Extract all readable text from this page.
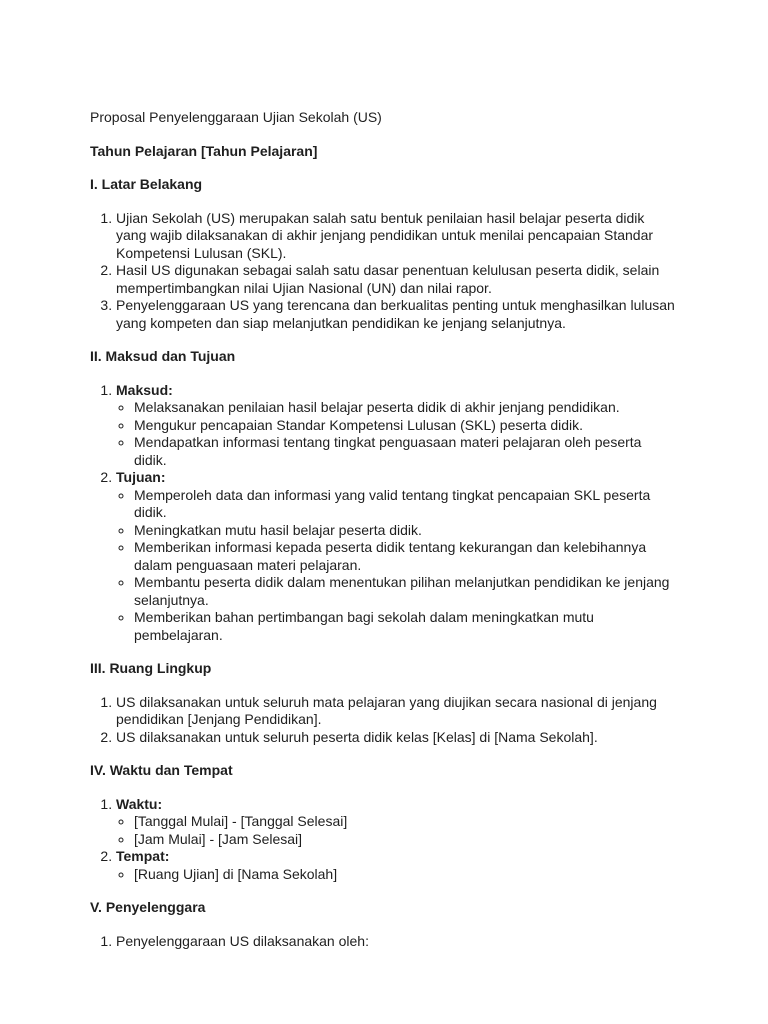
Proposal Penyelenggaraan Ujian Sekolah (US)

Tahun Pelajaran [Tahun Pelajaran]

I. Latar Belakang

1. Ujian Sekolah (US) merupakan salah satu bentuk penilaian hasil belajar peserta didik yang wajib dilaksanakan di akhir jenjang pendidikan untuk menilai pencapaian Standar Kompetensi Lulusan (SKL).
2. Hasil US digunakan sebagai salah satu dasar penentuan kelulusan peserta didik, selain mempertimbangkan nilai Ujian Nasional (UN) dan nilai rapor.
3. Penyelenggaraan US yang terencana dan berkualitas penting untuk menghasilkan lulusan yang kompeten dan siap melanjutkan pendidikan ke jenjang selanjutnya.

II. Maksud dan Tujuan

1. Maksud:
◦ Melaksanakan penilaian hasil belajar peserta didik di akhir jenjang pendidikan.
◦ Mengukur pencapaian Standar Kompetensi Lulusan (SKL) peserta didik.
◦ Mendapatkan informasi tentang tingkat penguasaan materi pelajaran oleh peserta didik.
2. Tujuan:
◦ Memperoleh data dan informasi yang valid tentang tingkat pencapaian SKL peserta didik.
◦ Meningkatkan mutu hasil belajar peserta didik.
◦ Memberikan informasi kepada peserta didik tentang kekurangan dan kelebihannya dalam penguasaan materi pelajaran.
◦ Membantu peserta didik dalam menentukan pilihan melanjutkan pendidikan ke jenjang selanjutnya.
◦ Memberikan bahan pertimbangan bagi sekolah dalam meningkatkan mutu pembelajaran.

III. Ruang Lingkup

1. US dilaksanakan untuk seluruh mata pelajaran yang diujikan secara nasional di jenjang pendidikan [Jenjang Pendidikan].
2. US dilaksanakan untuk seluruh peserta didik kelas [Kelas] di [Nama Sekolah].

IV. Waktu dan Tempat

1. Waktu:
◦ [Tanggal Mulai] - [Tanggal Selesai]
◦ [Jam Mulai] - [Jam Selesai]
2. Tempat:
◦ [Ruang Ujian] di [Nama Sekolah]

V. Penyelenggara

1. Penyelenggaraan US dilaksanakan oleh:
